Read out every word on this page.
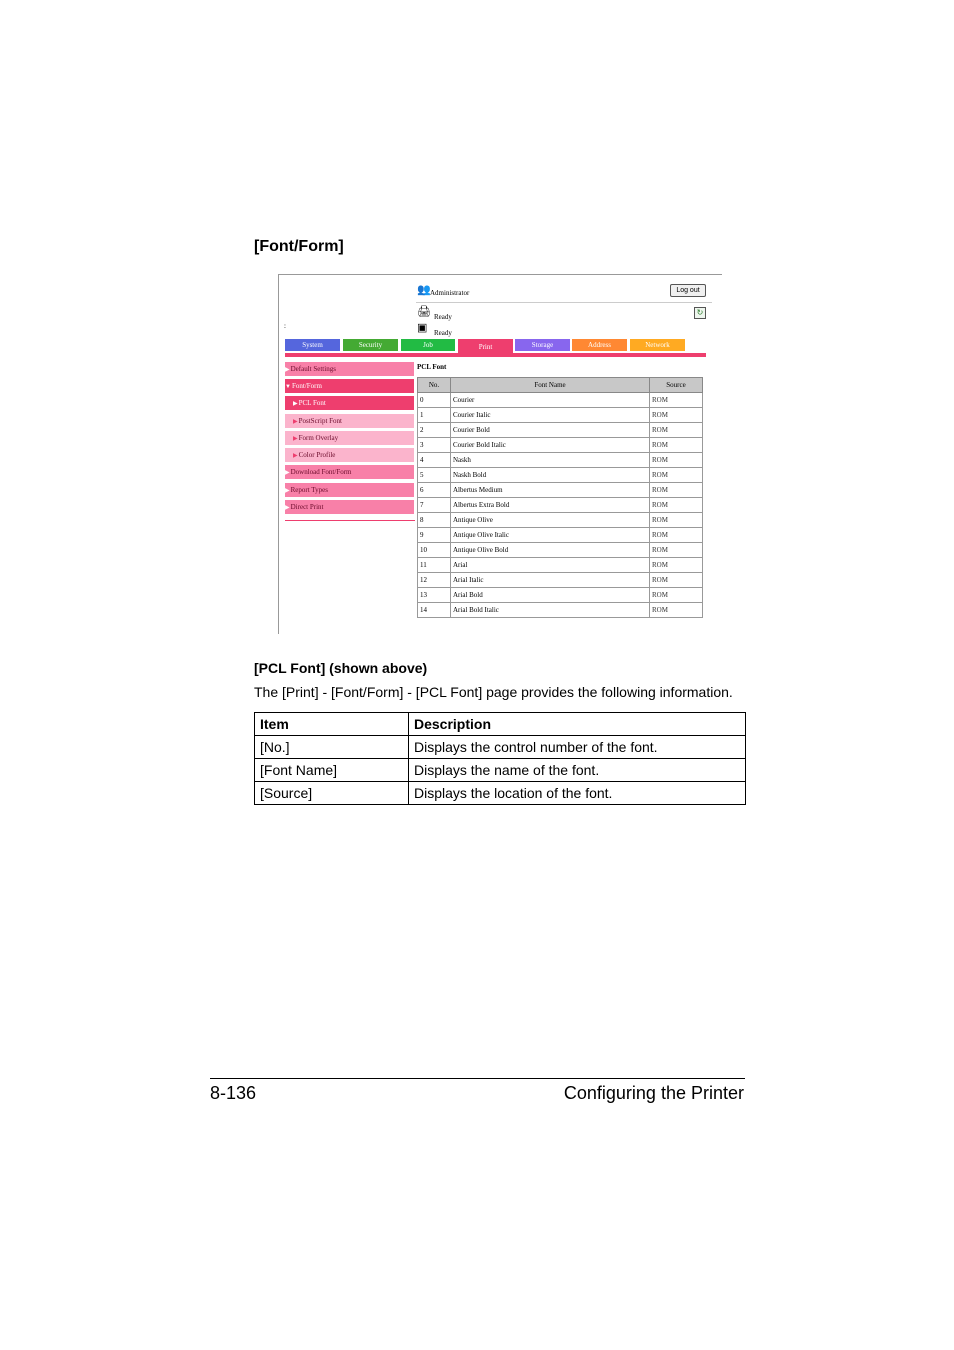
[Font/Form]
👥 Administrator	Log out
🖨 Ready	↻
▣ Ready
:
System	Security	Job	Print	Storage	Address	Network
▶Default Settings
▼Font/Form
▶PCL Font
▶PostScript Font
▶Form Overlay
▶Color Profile
▶Download Font/Form
▶Report Types
▶Direct Print
PCL Font
No.	Font Name	Source
0	Courier	ROM
1	Courier Italic	ROM
2	Courier Bold	ROM
3	Courier Bold Italic	ROM
4	Naskh	ROM
5	Naskh Bold	ROM
6	Albertus Medium	ROM
7	Albertus Extra Bold	ROM
8	Antique Olive	ROM
9	Antique Olive Italic	ROM
10	Antique Olive Bold	ROM
11	Arial	ROM
12	Arial Italic	ROM
13	Arial Bold	ROM
14	Arial Bold Italic	ROM
[PCL Font] (shown above)
The [Print] - [Font/Form] - [PCL Font] page provides the following information.
Item	Description
[No.]	Displays the control number of the font.
[Font Name]	Displays the name of the font.
[Source]	Displays the location of the font.
8-136	Configuring the Printer
